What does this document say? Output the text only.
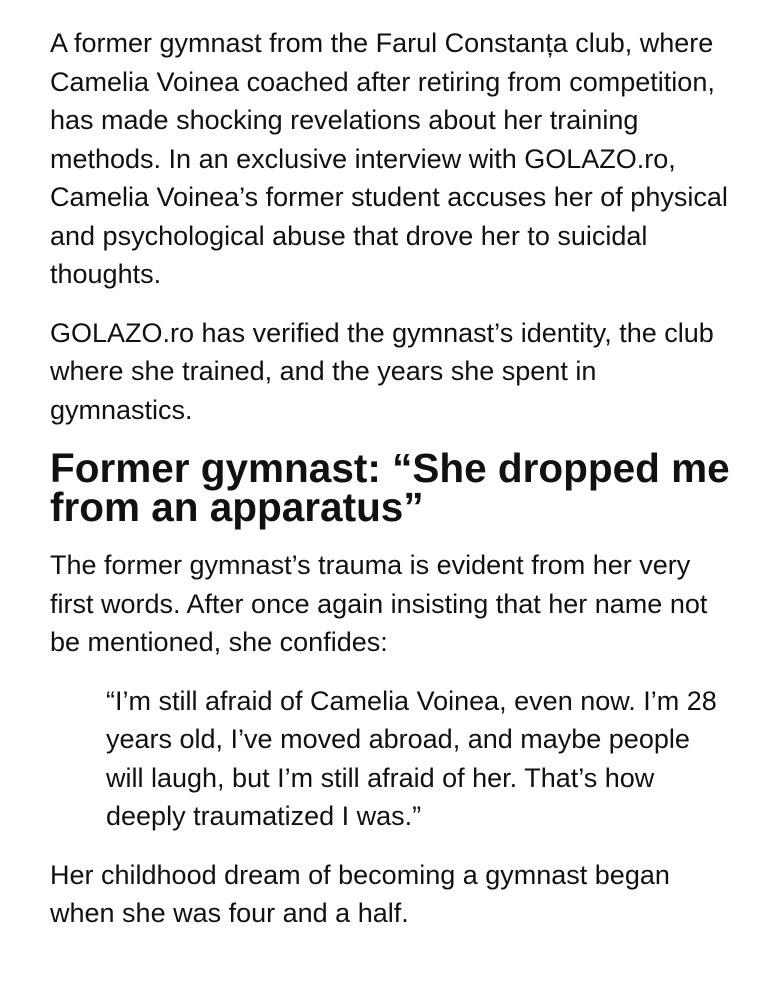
A former gymnast from the Farul Constanța club, where Camelia Voinea coached after retiring from competition, has made shocking revelations about her training methods. In an exclusive interview with GOLAZO.ro, Camelia Voinea’s former student accuses her of physical and psychological abuse that drove her to suicidal thoughts.

GOLAZO.ro has verified the gymnast’s identity, the club where she trained, and the years she spent in gymnastics.

Former gymnast: “She dropped me from an apparatus”

The former gymnast’s trauma is evident from her very first words. After once again insisting that her name not be mentioned, she confides:

“I’m still afraid of Camelia Voinea, even now. I’m 28 years old, I’ve moved abroad, and maybe people will laugh, but I’m still afraid of her. That’s how deeply traumatized I was.”

Her childhood dream of becoming a gymnast began when she was four and a half.
